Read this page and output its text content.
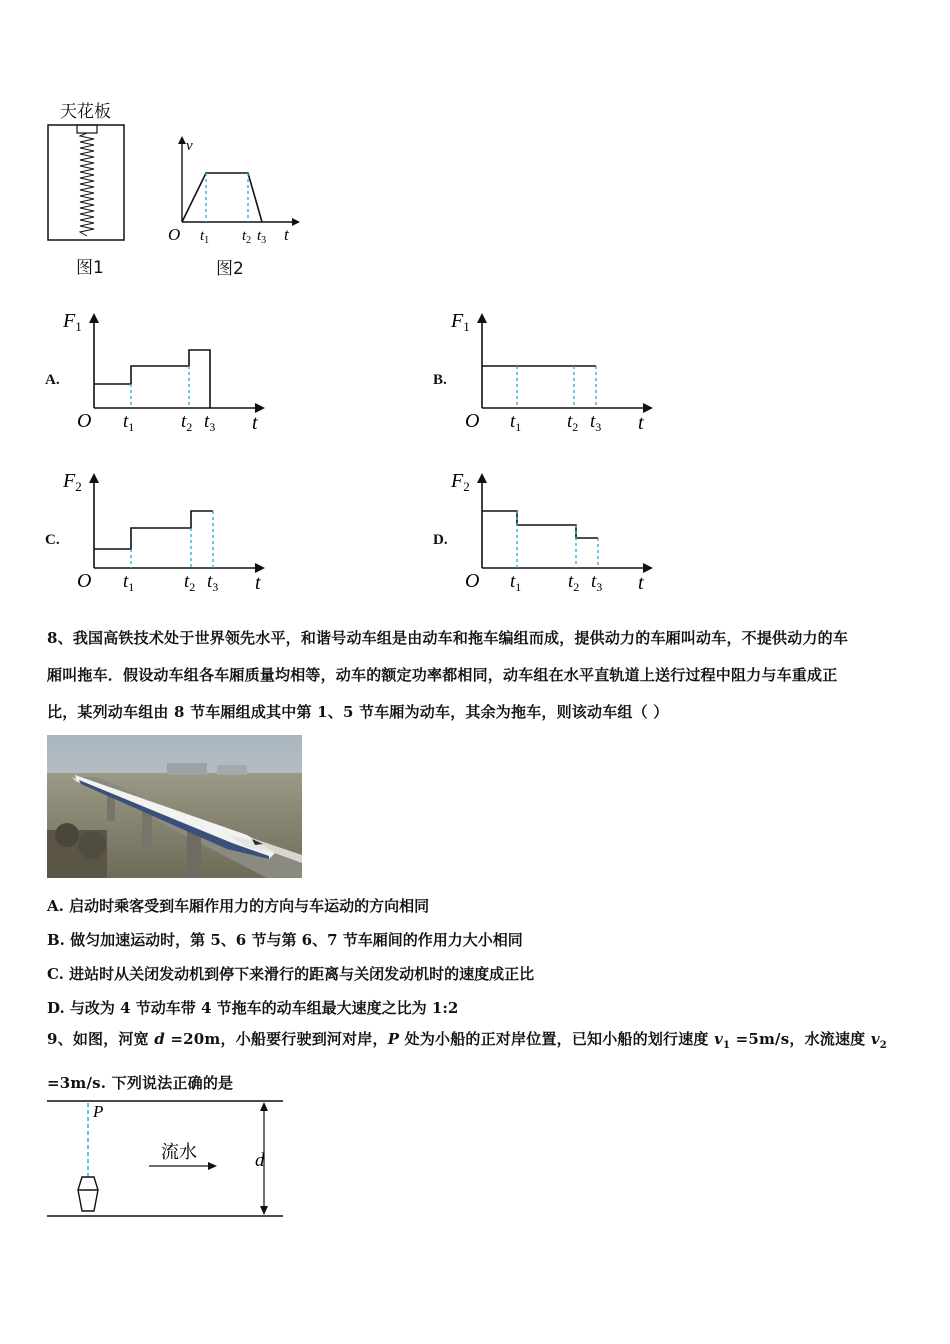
天花板
图1
v
O $t_1$ $t_2$ $t_3$ t
图2
A.
$F_1$
O $t_1$ $t_2$ $t_3$ t
B.
$F_1$
O $t_1$ $t_2$ $t_3$ t
C.
$F_2$
O $t_1$	$t_2$ $t_3$ t
D.
$F_2$
O $t_1$ $t_2$ $t_3$ t
8、我国高铁技术处于世界领先水平，和谐号动车组是由动车和拖车编组而成，提供动力的车厢叫动车，不提供动力的车
厢叫拖车．假设动车组各车厢质量均相等，动车的额定功率都相同，动车组在水平直轨道上送行过程中阻力与车重成正
比，某列动车组由 8 节车厢组成其中第 1、5 节车厢为动车，其余为拖车，则该动车组（ ）
A. 启动时乘客受到车厢作用力的方向与车运动的方向相同
B. 做匀加速运动时，第 5、6 节与第 6、7 节车厢间的作用力大小相同
C. 进站时从关闭发动机到停下来滑行的距离与关闭发动机时的速度成正比
D. 与改为 4 节动车带 4 节拖车的动车组最大速度之比为 1:2
9、如图，河宽 d =20m，小船要行驶到河对岸，P 处为小船的正对岸位置，已知小船的划行速度 $v_1 =5m/s$，水流速度 $v_2$
=3m/s. 下列说法正确的是
P
流水	d
